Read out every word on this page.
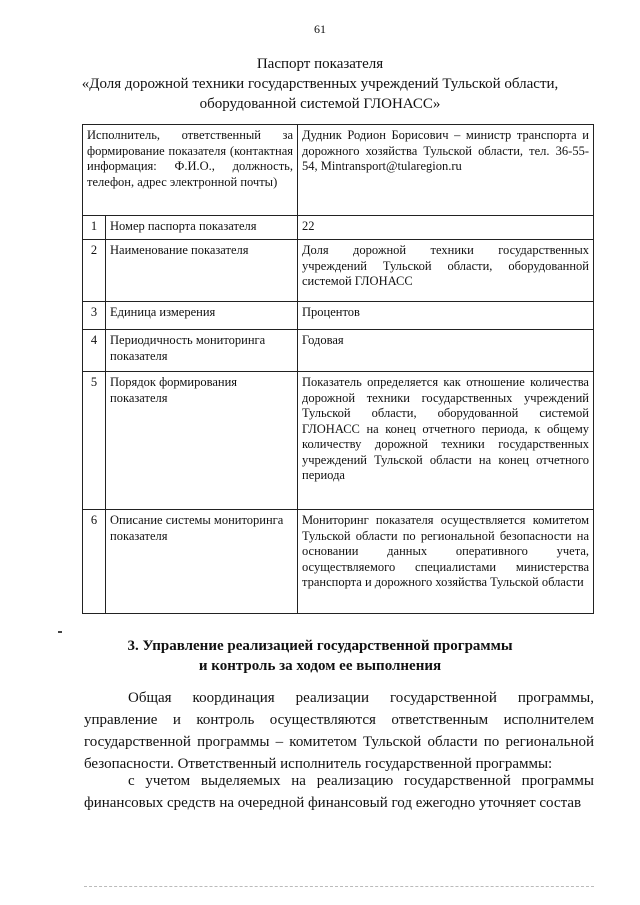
61
Паспорт показателя
«Доля дорожной техники государственных учреждений Тульской области,
оборудованной системой ГЛОНАСС»
Исполнитель, ответственный за формирование показателя (контактная информация: Ф.И.О., должность, телефон, адрес электронной почты)		Дудник Родион Борисович – министр транспорта и дорожного хозяйства Тульской области, тел. 36-55-54, Mintransport@tularegion.ru
1	Номер паспорта показателя	22
2	Наименование показателя	Доля дорожной техники государственных учреждений Тульской области, оборудованной системой ГЛОНАСС
3	Единица измерения	Процентов
4	Периодичность мониторинга показателя	Годовая
5	Порядок формирования показателя	Показатель определяется как отношение количества дорожной техники государственных учреждений Тульской области, оборудованной системой ГЛОНАСС на конец отчетного периода, к общему количеству дорожной техники государственных учреждений Тульской области на конец отчетного периода
6	Описание системы мониторинга показателя	Мониторинг показателя осуществляется комитетом Тульской области по региональной безопасности на основании данных оперативного учета, осуществляемого специалистами министерства транспорта и дорожного хозяйства Тульской области
3. Управление реализацией государственной программы
и контроль за ходом ее выполнения
Общая координация реализации государственной программы, управление и контроль осуществляются ответственным исполнителем государственной программы – комитетом Тульской области по региональной безопасности. Ответственный исполнитель государственной программы:
с учетом выделяемых на реализацию государственной программы финансовых средств на очередной финансовый год ежегодно уточняет состав
